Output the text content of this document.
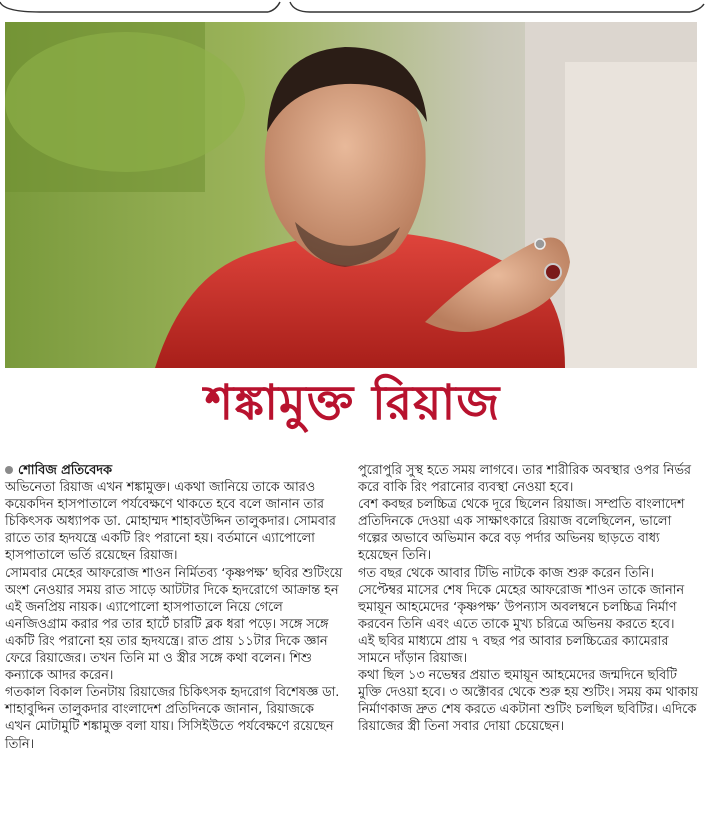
শঙ্কামুক্ত রিয়াজ

শোবিজ প্রতিবেদক

অভিনেতা রিয়াজ এখন শঙ্কামুক্ত। একথা জানিয়ে তাকে আরও কয়েকদিন হাসপাতালে পর্যবেক্ষণে থাকতে হবে বলে জানান তার চিকিৎসক অধ্যাপক ডা. মোহাম্মদ শাহাবউদ্দিন তালুকদার। সোমবার রাতে তার হৃদযন্ত্রে একটি রিং পরানো হয়। বর্তমানে এ্যাপোলো হাসপাতালে ভর্তি রয়েছেন রিয়াজ।

সোমবার মেহের আফরোজ শাওন নির্মিতব্য ‘কৃষ্ণপক্ষ’ ছবির শুটিংয়ে অংশ নেওয়ার সময় রাত সাড়ে আটটার দিকে হৃদরোগে আক্রান্ত হন এই জনপ্রিয় নায়ক। এ্যাপোলো হাসপাতালে নিয়ে গেলে এনজিওগ্রাম করার পর তার হার্টে চারটি ব্লক ধরা পড়ে। সঙ্গে সঙ্গে একটি রিং পরানো হয় তার হৃদযন্ত্রে। রাত প্রায় ১১টার দিকে জ্ঞান ফেরে রিয়াজের। তখন তিনি মা ও স্ত্রীর সঙ্গে কথা বলেন। শিশু কন্যাকে আদর করেন।

গতকাল বিকাল তিনটায় রিয়াজের চিকিৎসক হৃদরোগ বিশেষজ্ঞ ডা. শাহাবুদ্দিন তালুকদার বাংলাদেশ প্রতিদিনকে জানান, রিয়াজকে এখন মোটামুটি শঙ্কামুক্ত বলা যায়। সিসিইউতে পর্যবেক্ষণে রয়েছেন তিনি।

পুরোপুরি সুস্থ হতে সময় লাগবে। তার শারীরিক অবস্থার ওপর নির্ভর করে বাকি রিং পরানোর ব্যবস্থা নেওয়া হবে।

বেশ কবছর চলচ্চিত্র থেকে দূরে ছিলেন রিয়াজ। সম্প্রতি বাংলাদেশ প্রতিদিনকে দেওয়া এক সাক্ষাৎকারে রিয়াজ বলেছিলেন, ভালো গল্পের অভাবে অভিমান করে বড় পর্দার অভিনয় ছাড়তে বাধ্য হয়েছেন তিনি।

গত বছর থেকে আবার টিভি নাটকে কাজ শুরু করেন তিনি। সেপ্টেম্বর মাসের শেষ দিকে মেহের আফরোজ শাওন তাকে জানান হুমায়ূন আহমেদের ‘কৃষ্ণপক্ষ’ উপন্যাস অবলম্বনে চলচ্চিত্র নির্মাণ করবেন তিনি এবং এতে তাকে মুখ্য চরিত্রে অভিনয় করতে হবে।

এই ছবির মাধ্যমে প্রায় ৭ বছর পর আবার চলচ্চিত্রের ক্যামেরার সামনে দাঁড়ান রিয়াজ।

কথা ছিল ১৩ নভেম্বর প্রয়াত হুমায়ূন আহমেদের জন্মদিনে ছবিটি মুক্তি দেওয়া হবে। ৩ অক্টোবর থেকে শুরু হয় শুটিং। সময় কম থাকায় নির্মাণকাজ দ্রুত শেষ করতে একটানা শুটিং চলছিল ছবিটির। এদিকে রিয়াজের স্ত্রী তিনা সবার দোয়া চেয়েছেন।
